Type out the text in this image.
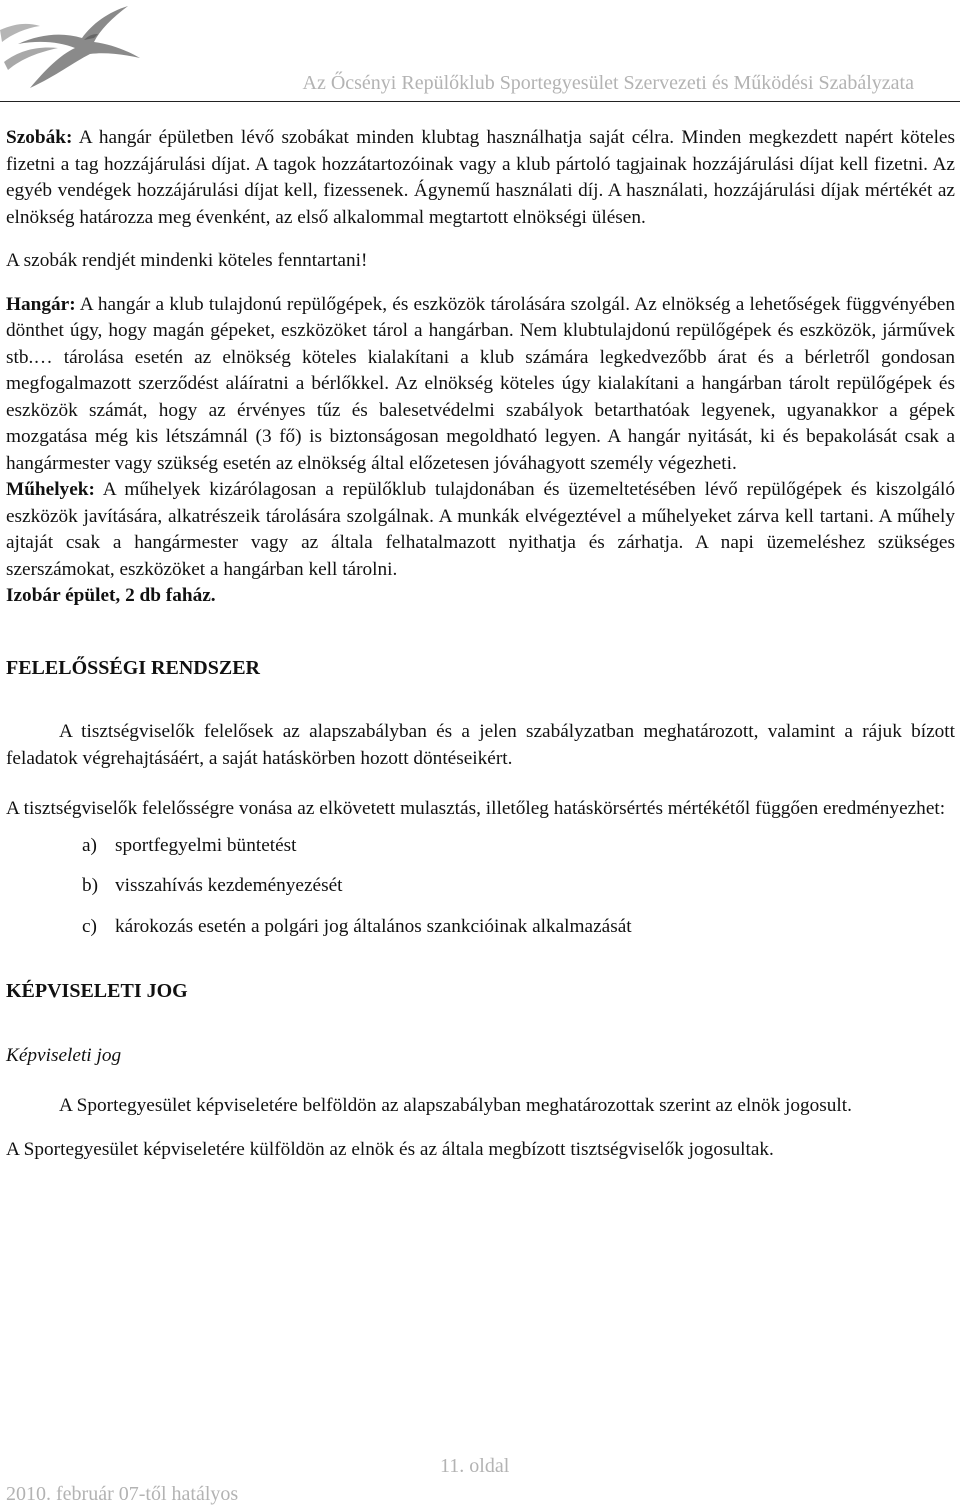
Az Őcsényi Repülőklub Sportegyesület Szervezeti és Működési Szabályzata

Szobák: A hangár épületben lévő szobákat minden klubtag használhatja saját célra. Minden megkezdett napért köteles fizetni a tag hozzájárulási díjat. A tagok hozzátartozóinak vagy a klub pártoló tagjainak hozzájárulási díjat kell fizetni. Az egyéb vendégek hozzájárulási díjat kell, fizessenek. Ágynemű használati díj. A használati, hozzájárulási díjak mértékét az elnökség határozza meg évenként, az első alkalommal megtartott elnökségi ülésen.

A szobák rendjét mindenki köteles fenntartani!

Hangár: A hangár a klub tulajdonú repülőgépek, és eszközök tárolására szolgál. Az elnökség a lehetőségek függvényében dönthet úgy, hogy magán gépeket, eszközöket tárol a hangárban. Nem klubtulajdonú repülőgépek és eszközök, járművek stb.… tárolása esetén az elnökség köteles kialakítani a klub számára legkedvezőbb árat és a bérletről gondosan megfogalmazott szerződést aláíratni a bérlőkkel. Az elnökség köteles úgy kialakítani a hangárban tárolt repülőgépek és eszközök számát, hogy az érvényes tűz és balesetvédelmi szabályok betarthatóak legyenek, ugyanakkor a gépek mozgatása még kis létszámnál (3 fő) is biztonságosan megoldható legyen. A hangár nyitását, ki és bepakolását csak a hangármester vagy szükség esetén az elnökség által előzetesen jóváhagyott személy végezheti.

Műhelyek: A műhelyek kizárólagosan a repülőklub tulajdonában és üzemeltetésében lévő repülőgépek és kiszolgáló eszközök javítására, alkatrészeik tárolására szolgálnak. A munkák elvégeztével a műhelyeket zárva kell tartani. A műhely ajtaját csak a hangármester vagy az általa felhatalmazott nyithatja és zárhatja. A napi üzemeléshez szükséges szerszámokat, eszközöket a hangárban kell tárolni.

Izobár épület, 2 db faház.

FELELŐSSÉGI RENDSZER

A tisztségviselők felelősek az alapszabályban és a jelen szabályzatban meghatározott, valamint a rájuk bízott feladatok végrehajtásáért, a saját hatáskörben hozott döntéseikért.

A tisztségviselők felelősségre vonása az elkövetett mulasztás, illetőleg hatáskörsértés mértékétől függően eredményezhet:

a) sportfegyelmi büntetést
b) visszahívás kezdeményezését
c) károkozás esetén a polgári jog általános szankcióinak alkalmazását

KÉPVISELETI JOG

Képviseleti jog

A Sportegyesület képviseletére belföldön az alapszabályban meghatározottak szerint az elnök jogosult.

A Sportegyesület képviseletére külföldön az elnök és az általa megbízott tisztségviselők jogosultak.

11. oldal
2010. február 07-től hatályos
